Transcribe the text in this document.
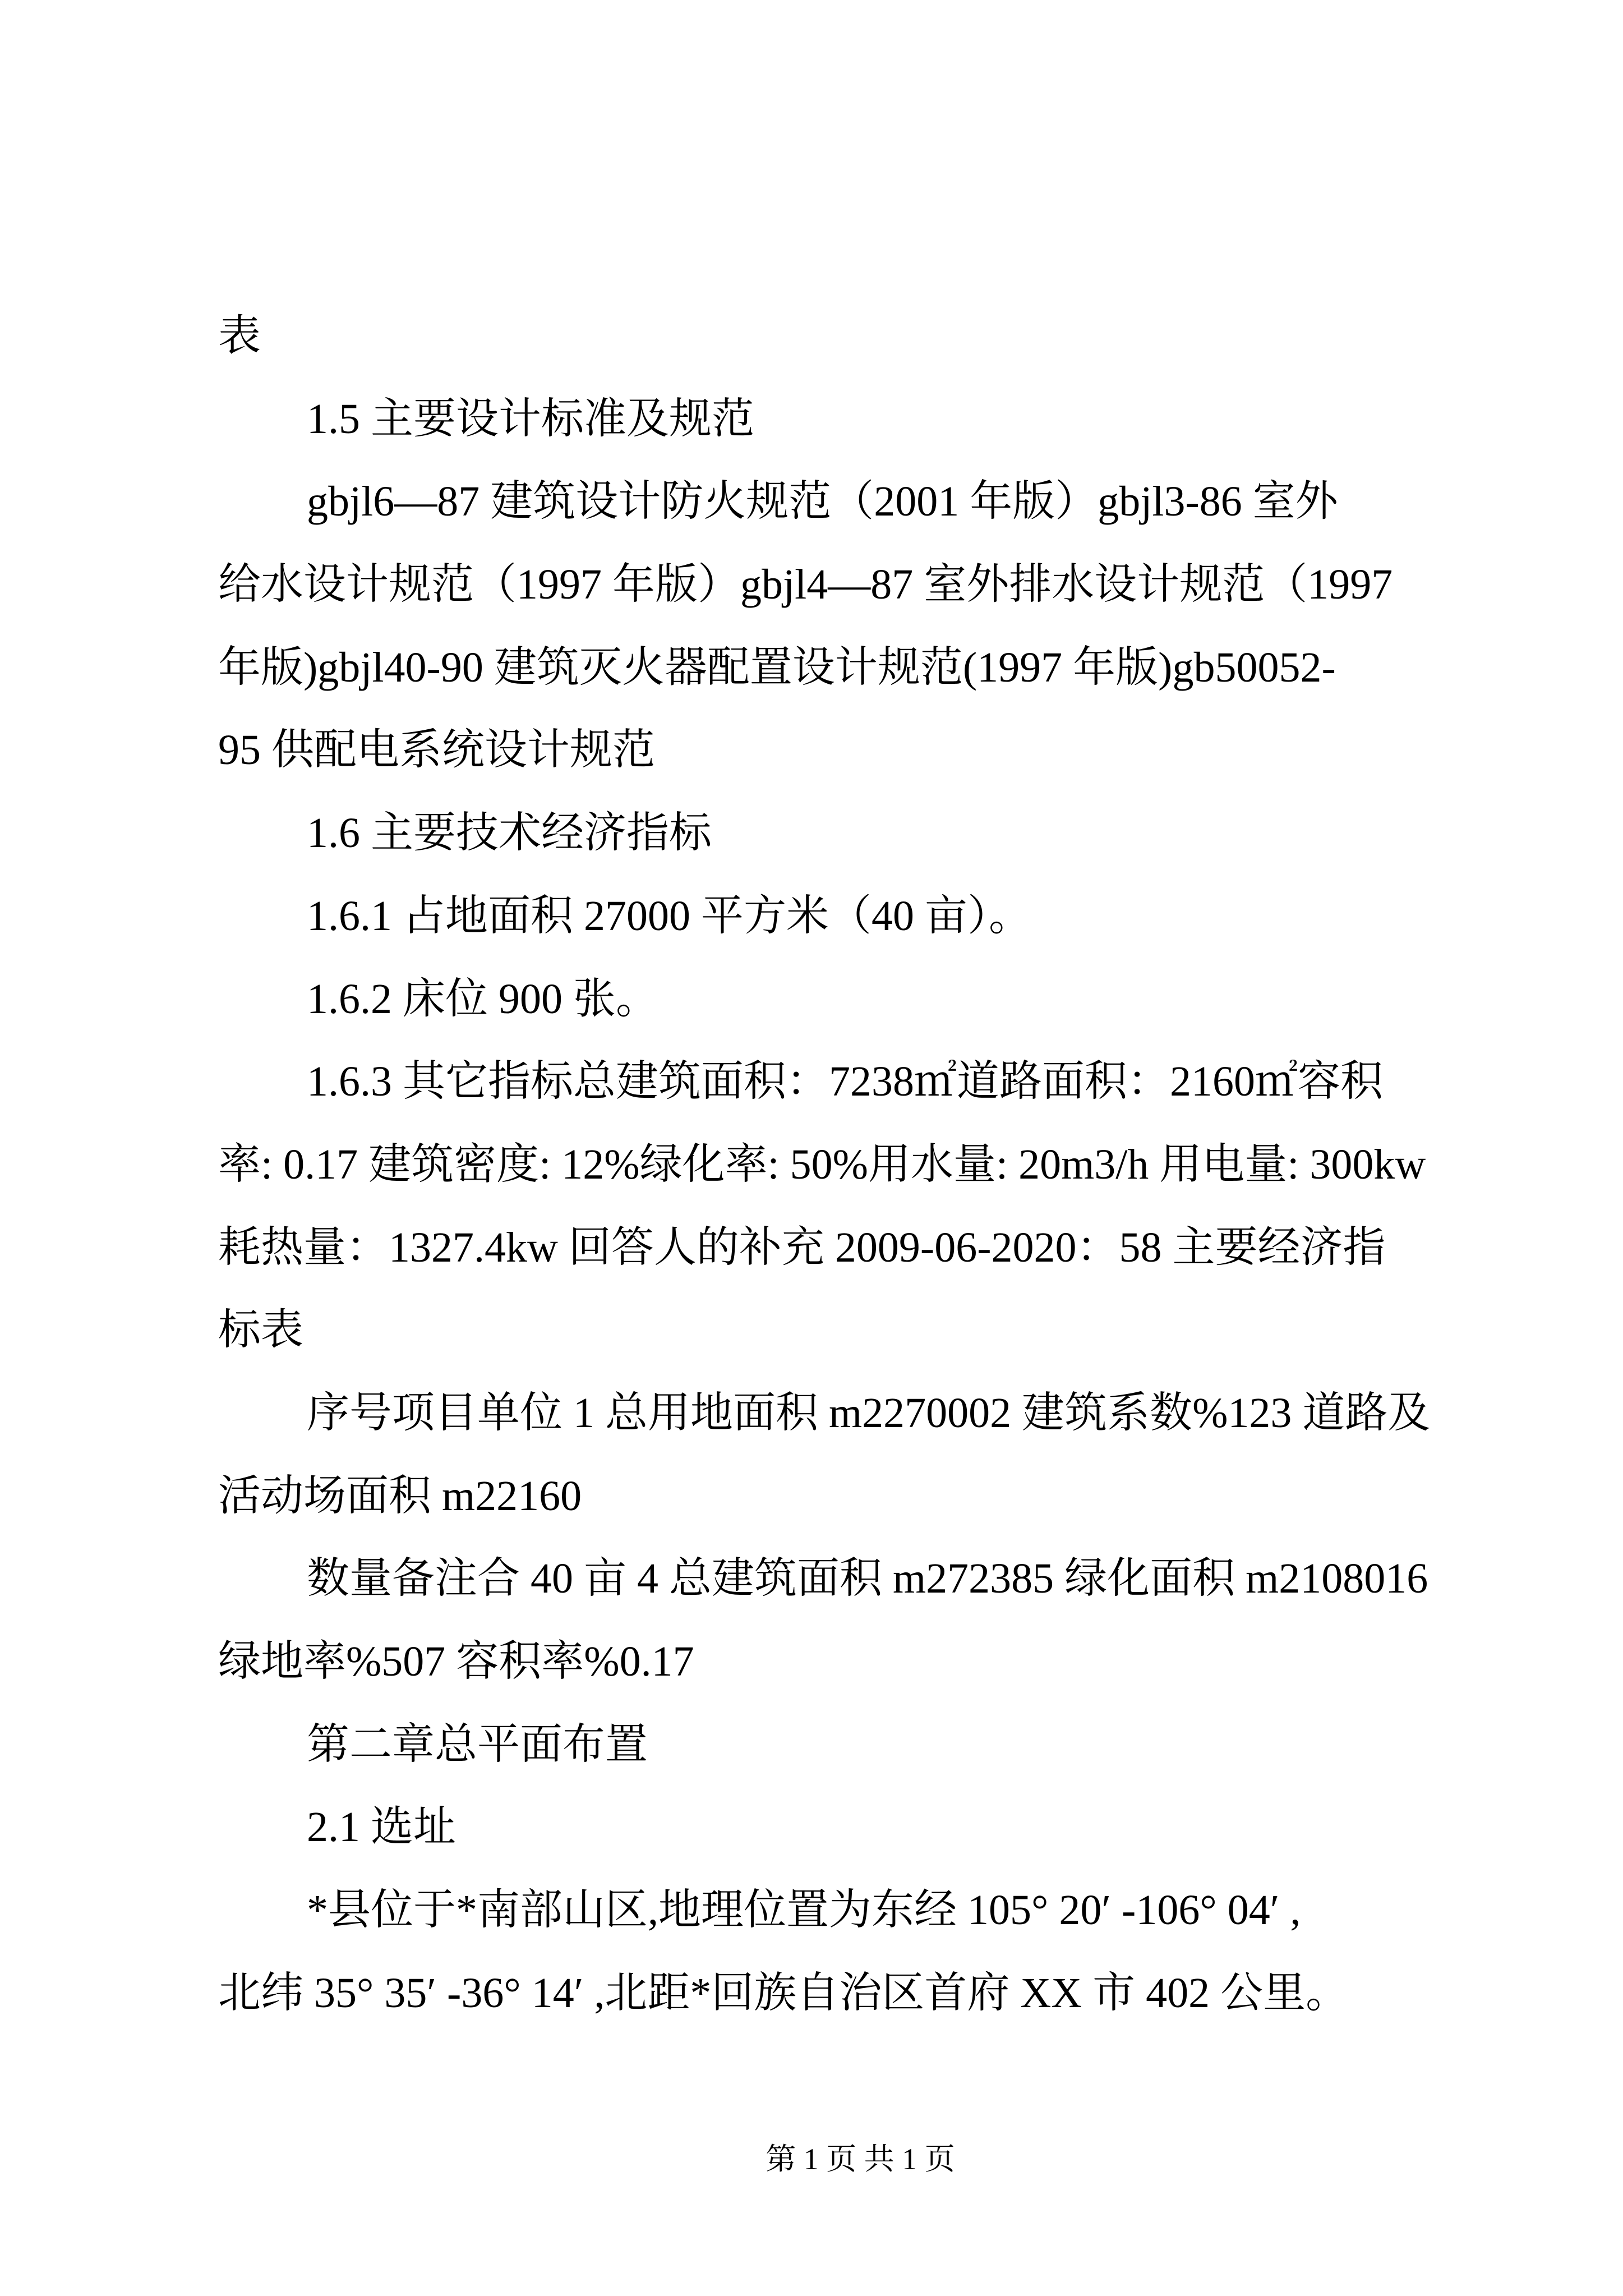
表
1.5 主要设计标准及规范
gbjl6—87 建筑设计防火规范（2001 年版）gbjl3-86 室外
给水设计规范（1997 年版）gbjl4—87 室外排水设计规范（1997
年版)gbjl40-90 建筑灭火器配置设计规范(1997 年版)gb50052-
95 供配电系统设计规范
1.6 主要技术经济指标
1.6.1 占地面积 27000 平方米（40 亩）。
1.6.2 床位 900 张。
1.6.3 其它指标总建筑面积：7238㎡道路面积：2160㎡容积
率: 0.17 建筑密度: 12%绿化率: 50%用水量: 20m3/h 用电量: 300kw
耗热量：1327.4kw 回答人的补充 2009-06-2020：58 主要经济指
标表
序号项目单位 1 总用地面积 m2270002 建筑系数%123 道路及
活动场面积 m22160
数量备注合 40 亩 4 总建筑面积 m272385 绿化面积 m2108016
绿地率%507 容积率%0.17
第二章总平面布置
2.1 选址
*县位于*南部山区,地理位置为东经 105° 20′ -106° 04′ ,
北纬 35° 35′ -36° 14′ ,北距*回族自治区首府 XX 市 402 公里。
第 1 页 共 1 页
